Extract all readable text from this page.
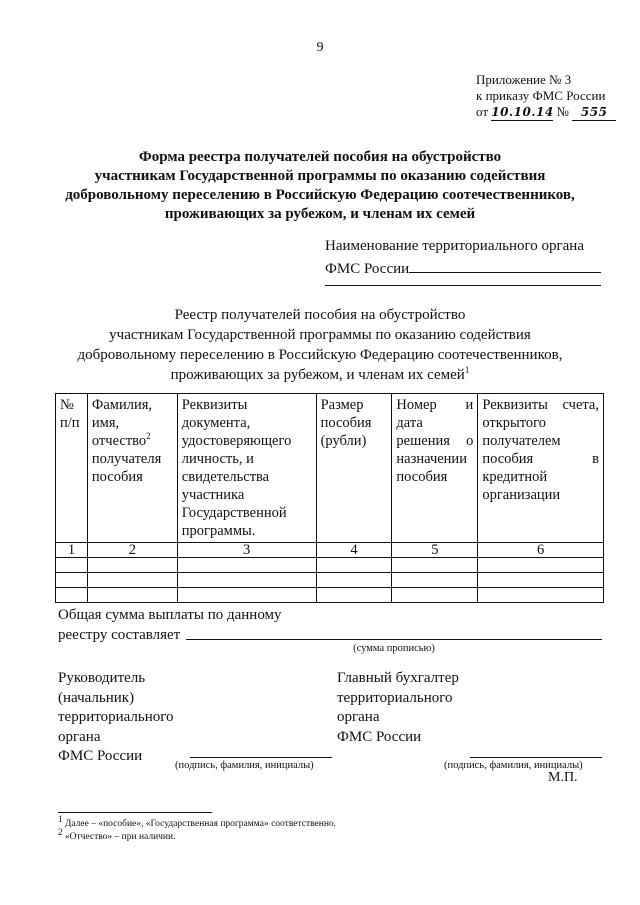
9
Приложение № 3
к приказу ФМС России
от 10.10.14 № 555
Форма реестра получателей пособия на обустройство
участникам Государственной программы по оказанию содействия
добровольному переселению в Российскую Федерацию соотечественников,
проживающих за рубежом, и членам их семей
Наименование территориального органа
ФМС России
Реестр получателей пособия на обустройство
участникам Государственной программы по оказанию содействия
добровольному переселению в Российскую Федерацию соотечественников,
проживающих за рубежом, и членам их семей$^1$
№ п/п	Фамилия, имя, отчество$^2$ получателя пособия	Реквизиты документа, удостоверяющего личность, и свидетельства участника Государственной программы.	Размер пособия (рубли)	Номер и дата решения о назначении пособия	Реквизиты счета, открытого получателем пособия в кредитной организации
1	2	3	4	5	6

Общая сумма выплаты по данному
реестру составляет
(сумма прописью)
Руководитель
(начальник)
территориального
органа
ФМС России
Главный бухгалтер
территориального
органа
ФМС России
(подпись, фамилия, инициалы)	(подпись, фамилия, инициалы)
М.П.
$^1$ Далее – «пособие», «Государственная программа» соответственно.
$^2$ «Отчество» – при наличии.
